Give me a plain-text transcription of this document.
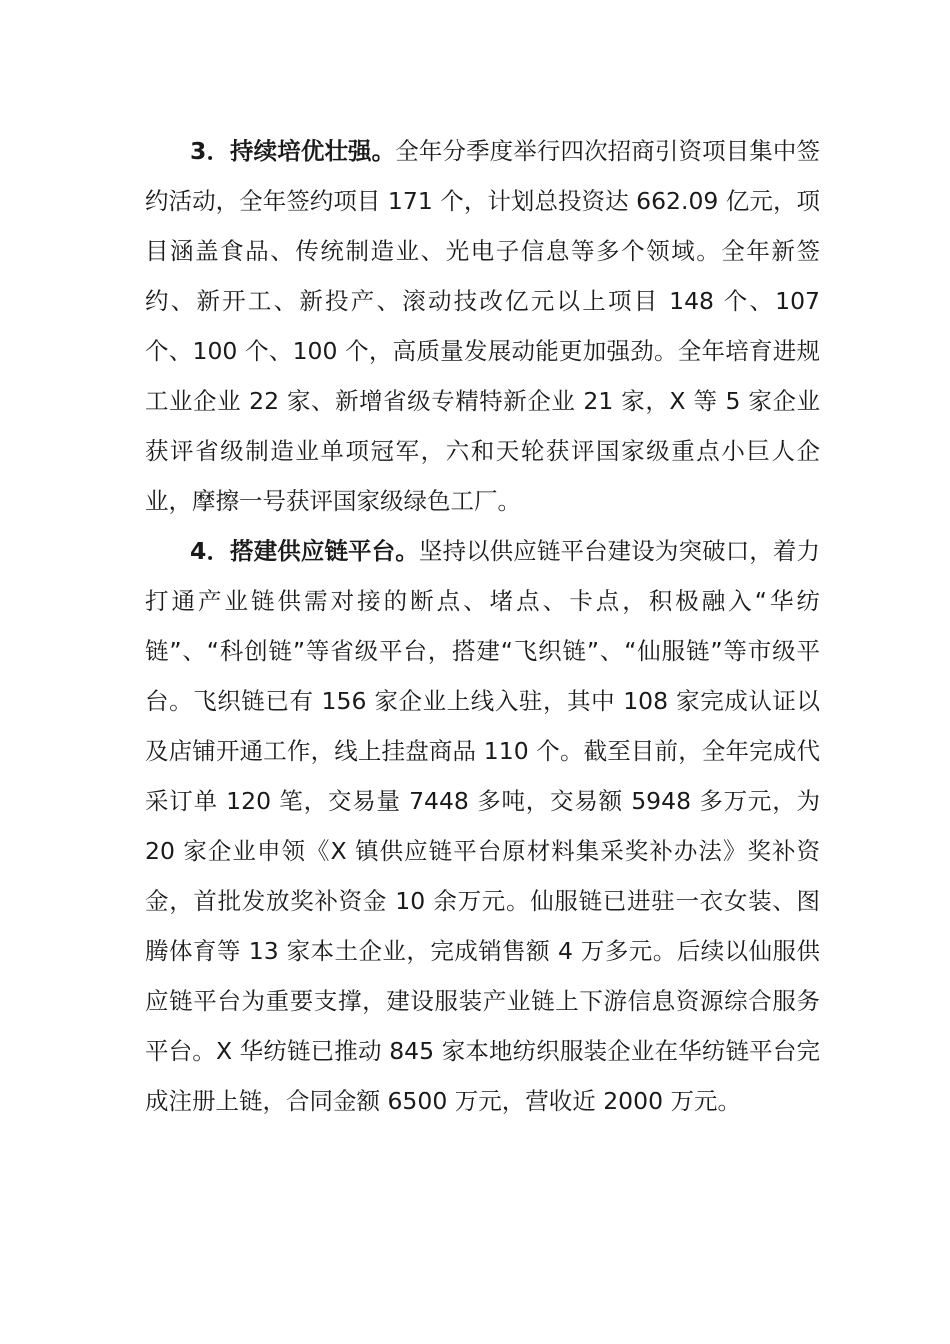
3．持续培优壮强。全年分季度举行四次招商引资项目集中签约活动，全年签约项目 171 个，计划总投资达 662.09 亿元，项目涵盖食品、传统制造业、光电子信息等多个领域。全年新签约、新开工、新投产、滚动技改亿元以上项目 148 个、107 个、100 个、100 个，高质量发展动能更加强劲。全年培育进规工业企业 22 家、新增省级专精特新企业 21 家，X 等 5 家企业获评省级制造业单项冠军，六和天轮获评国家级重点小巨人企业，摩擦一号获评国家级绿色工厂。

4．搭建供应链平台。坚持以供应链平台建设为突破口，着力打通产业链供需对接的断点、堵点、卡点，积极融入“华纺链”、“科创链”等省级平台，搭建“飞织链”、“仙服链”等市级平台。飞织链已有 156 家企业上线入驻，其中 108 家完成认证以及店铺开通工作，线上挂盘商品 110 个。截至目前，全年完成代采订单 120 笔，交易量 7448 多吨，交易额 5948 多万元，为 20 家企业申领《X 镇供应链平台原材料集采奖补办法》奖补资金，首批发放奖补资金 10 余万元。仙服链已进驻一衣女装、图腾体育等 13 家本土企业，完成销售额 4 万多元。后续以仙服供应链平台为重要支撑，建设服装产业链上下游信息资源综合服务平台。X 华纺链已推动 845 家本地纺织服装企业在华纺链平台完成注册上链，合同金额 6500 万元，营收近 2000 万元。
